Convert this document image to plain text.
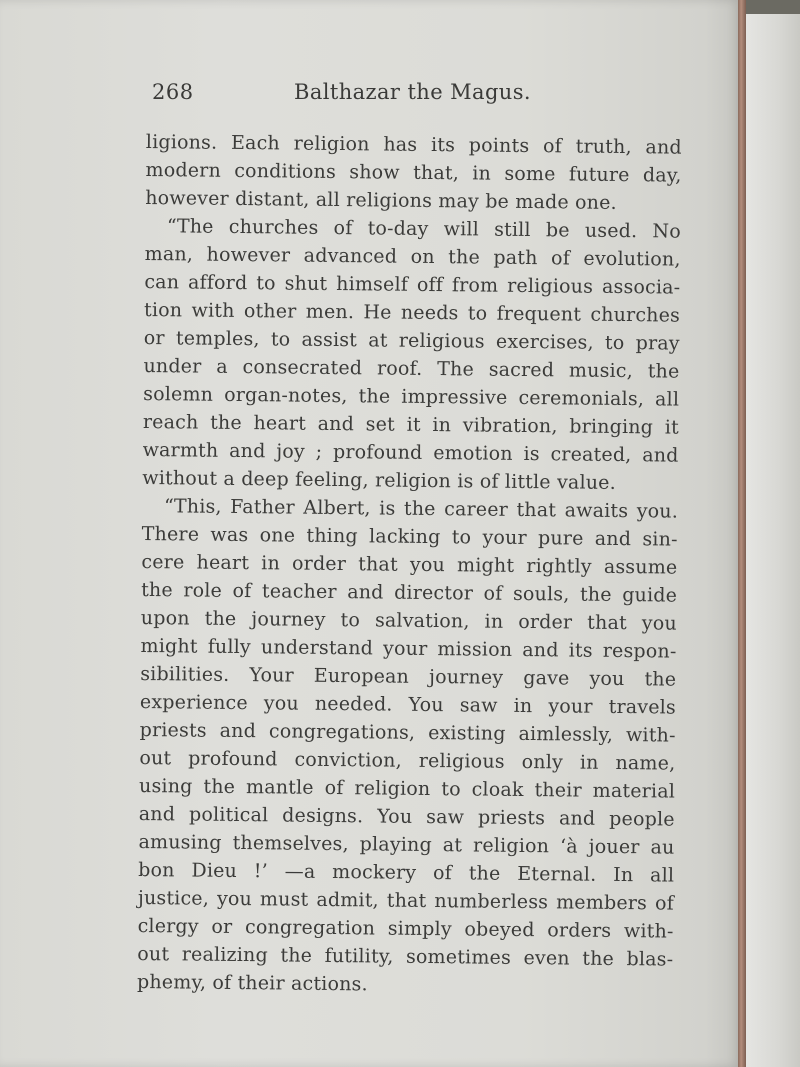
268	Balthazar the Magus.
ligions. Each religion has its points of truth, and
modern conditions show that, in some future day,
however distant, all religions may be made one.
“The churches of to-day will still be used. No
man, however advanced on the path of evolution,
can afford to shut himself off from religious associa-
tion with other men. He needs to frequent churches
or temples, to assist at religious exercises, to pray
under a consecrated roof. The sacred music, the
solemn organ-notes, the impressive ceremonials, all
reach the heart and set it in vibration, bringing it
warmth and joy ; profound emotion is created, and
without a deep feeling, religion is of little value.
“This, Father Albert, is the career that awaits you.
There was one thing lacking to your pure and sin-
cere heart in order that you might rightly assume
the role of teacher and director of souls, the guide
upon the journey to salvation, in order that you
might fully understand your mission and its respon-
sibilities. Your European journey gave you the
experience you needed. You saw in your travels
priests and congregations, existing aimlessly, with-
out profound conviction, religious only in name,
using the mantle of religion to cloak their material
and political designs. You saw priests and people
amusing themselves, playing at religion ‘à jouer au
bon Dieu !’ —a mockery of the Eternal. In all
justice, you must admit, that numberless members of
clergy or congregation simply obeyed orders with-
out realizing the futility, sometimes even the blas-
phemy, of their actions.
